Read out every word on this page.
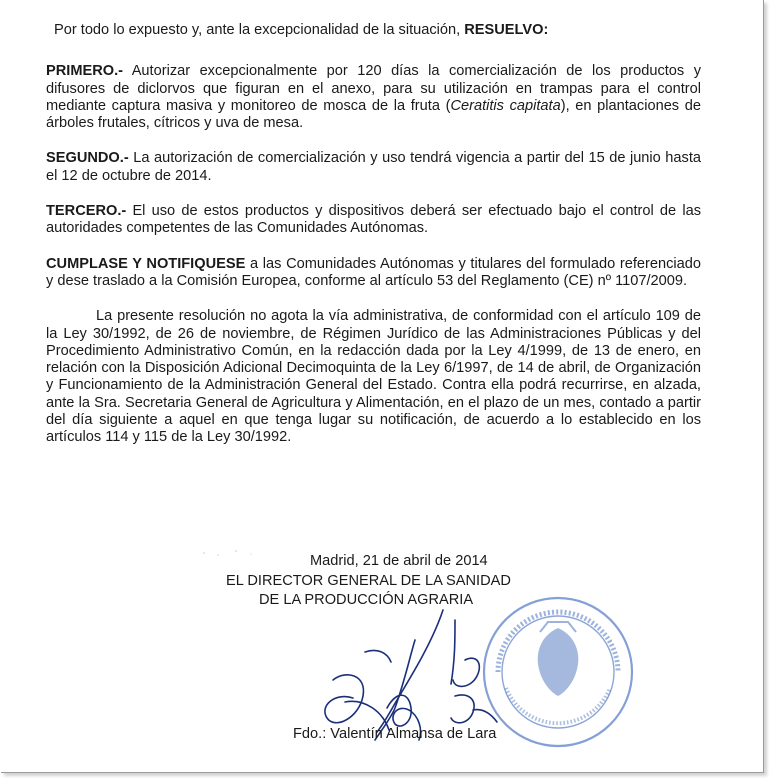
Por todo lo expuesto y, ante la excepcionalidad de la situación, RESUELVO:

PRIMERO.- Autorizar excepcionalmente por 120 días la comercialización de los productos y difusores de diclorvos que figuran en el anexo, para su utilización en trampas para el control mediante captura masiva y monitoreo de mosca de la fruta (Ceratitis capitata), en plantaciones de árboles frutales, cítricos y uva de mesa.

SEGUNDO.- La autorización de comercialización y uso tendrá vigencia a partir del 15 de junio hasta el 12 de octubre de 2014.

TERCERO.- El uso de estos productos y dispositivos deberá ser efectuado bajo el control de las autoridades competentes de las Comunidades Autónomas.

CUMPLASE Y NOTIFIQUESE a las Comunidades Autónomas y titulares del formulado referenciado y dese traslado a la Comisión Europea, conforme al artículo 53 del Reglamento (CE) nº 1107/2009.

La presente resolución no agota la vía administrativa, de conformidad con el artículo 109 de la Ley 30/1992, de 26 de noviembre, de Régimen Jurídico de las Administraciones Públicas y del Procedimiento Administrativo Común, en la redacción dada por la Ley 4/1999, de 13 de enero, en relación con la Disposición Adicional Decimoquinta de la Ley 6/1997, de 14 de abril, de Organización y Funcionamiento de la Administración General del Estado. Contra ella podrá recurrirse, en alzada, ante la Sra. Secretaria General de Agricultura y Alimentación, en el plazo de un mes, contado a partir del día siguiente a aquel en que tenga lugar su notificación, de acuerdo a lo establecido en los artículos 114 y 115 de la Ley 30/1992.

Madrid, 21 de abril de 2014
EL DIRECTOR GENERAL DE LA SANIDAD
DE LA PRODUCCIÓN AGRARIA
Fdo.: Valentín Almansa de Lara
